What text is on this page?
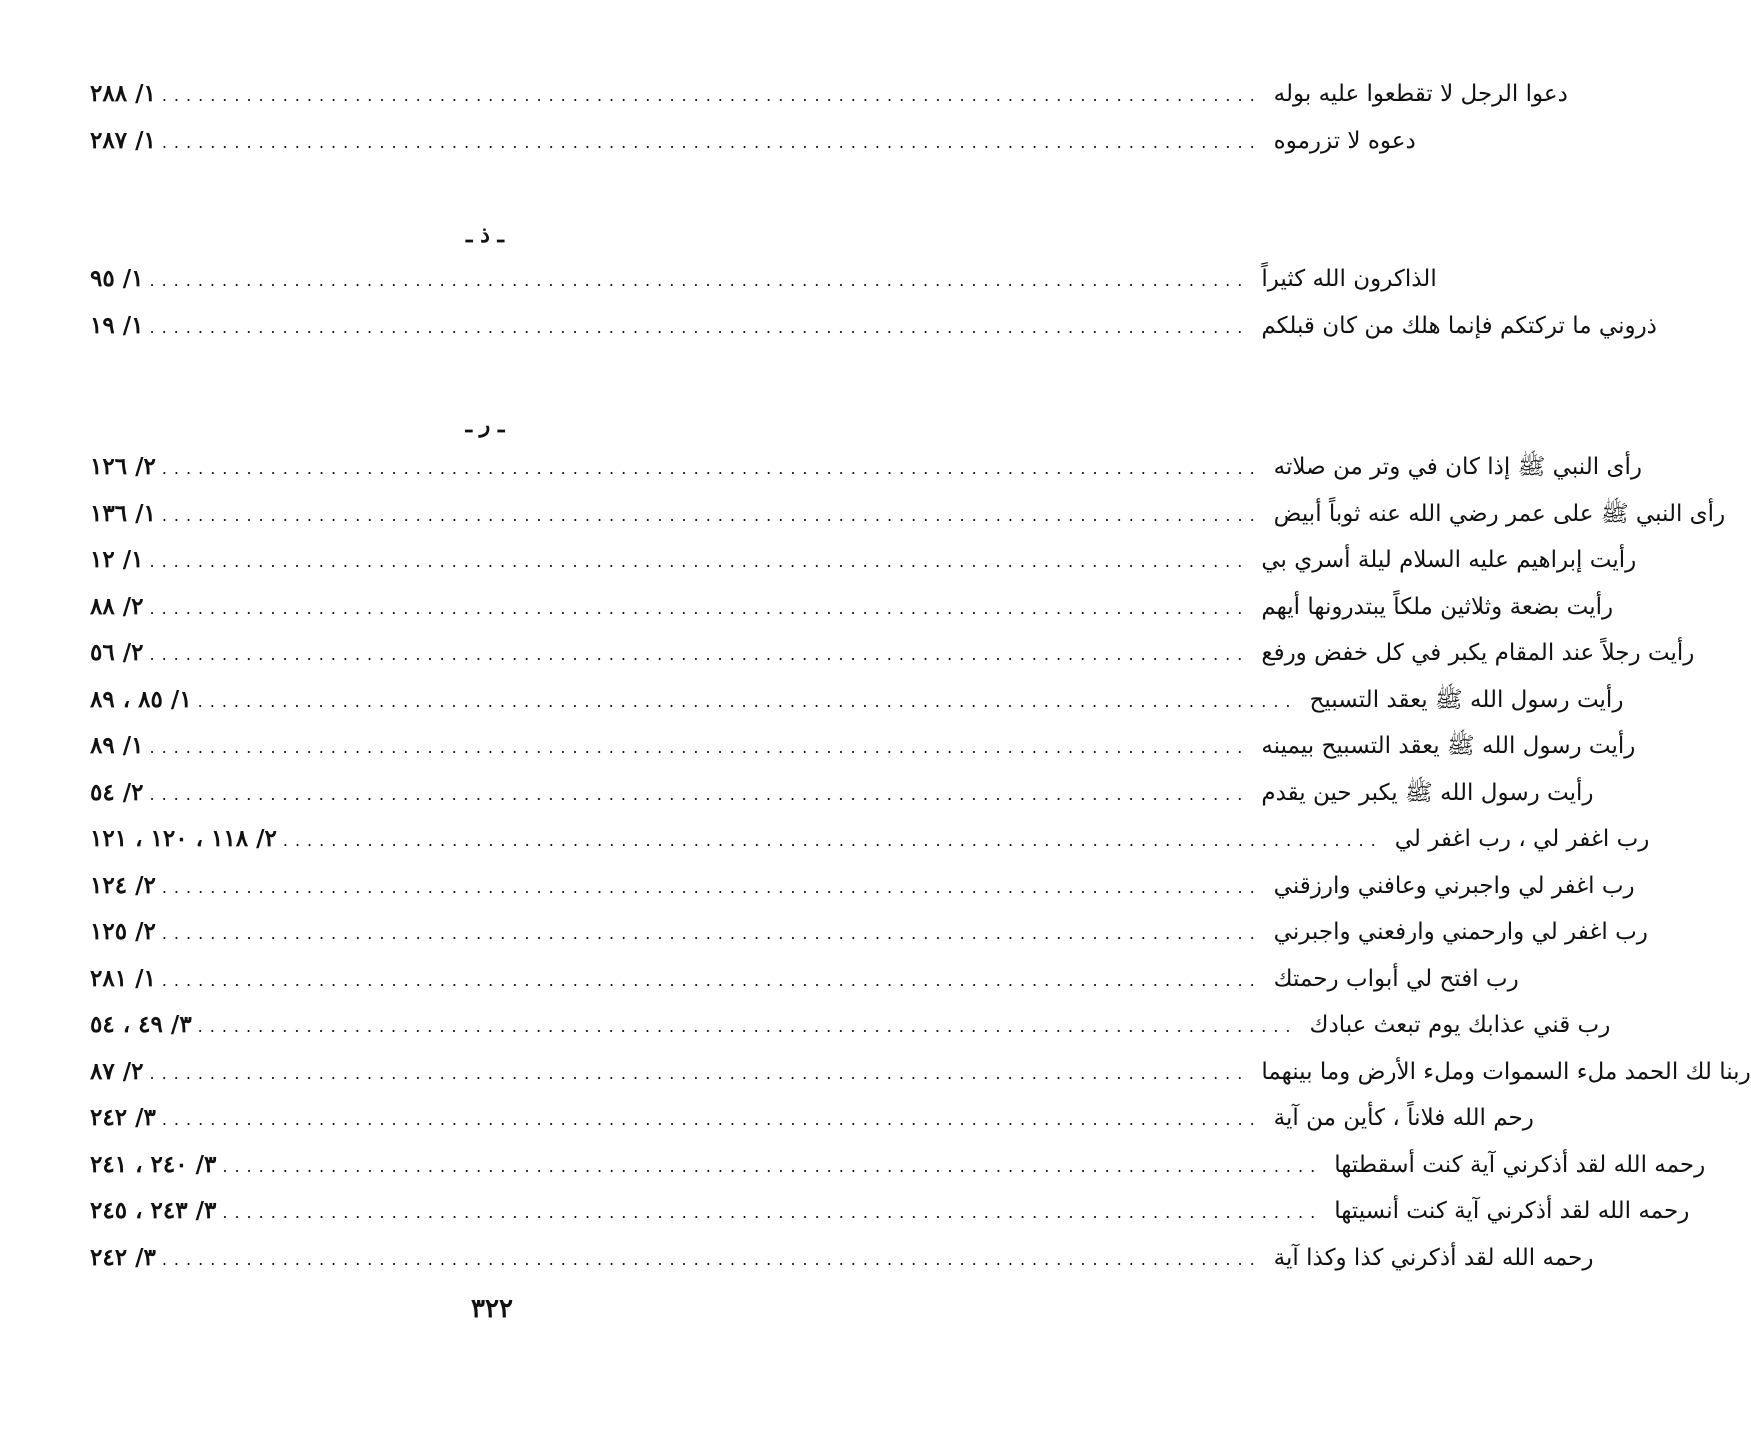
دعوا الرجل لا تقطعوا عليه بوله
...........................................................................................
١/ ٢٨٨
دعوه لا تزرموه
...........................................................................................
١/ ٢٨٧
ـ ذ ـ
الذاكرون الله كثيراً
...........................................................................................
١/ ٩٥
ذروني ما تركتكم فإنما هلك من كان قبلكم
...........................................................................................
١/ ١٩
ـ ر ـ
رأى النبي ﷺ إذا كان في وتر من صلاته
...........................................................................................
٢/ ١٢٦
رأى النبي ﷺ على عمر رضي الله عنه ثوباً أبيض
...........................................................................................
١/ ١٣٦
رأيت إبراهيم عليه السلام ليلة أسري بي
...........................................................................................
١/ ١٢
رأيت بضعة وثلاثين ملكاً يبتدرونها أيهم
...........................................................................................
٢/ ٨٨
رأيت رجلاً عند المقام يكبر في كل خفض ورفع
...........................................................................................
٢/ ٥٦
رأيت رسول الله ﷺ يعقد التسبيح
...........................................................................................
١/ ٨٥ ، ٨٩
رأيت رسول الله ﷺ يعقد التسبيح بيمينه
...........................................................................................
١/ ٨٩
رأيت رسول الله ﷺ يكبر حين يقدم
...........................................................................................
٢/ ٥٤
رب اغفر لي ، رب اغفر لي
...........................................................................................
٢/ ١١٨ ، ١٢٠ ، ١٢١
رب اغفر لي واجبرني وعافني وارزقني
...........................................................................................
٢/ ١٢٤
رب اغفر لي وارحمني وارفعني واجبرني
...........................................................................................
٢/ ١٢٥
رب افتح لي أبواب رحمتك
...........................................................................................
١/ ٢٨١
رب قني عذابك يوم تبعث عبادك
...........................................................................................
٣/ ٤٩ ، ٥٤
ربنا لك الحمد ملء السموات وملء الأرض وما بينهما
...........................................................................................
٢/ ٨٧
رحم الله فلاناً ، كأين من آية
...........................................................................................
٣/ ٢٤٢
رحمه الله لقد أذكرني آية كنت أسقطتها
...........................................................................................
٣/ ٢٤٠ ، ٢٤١
رحمه الله لقد أذكرني آية كنت أنسيتها
...........................................................................................
٣/ ٢٤٣ ، ٢٤٥
رحمه الله لقد أذكرني كذا وكذا آية
...........................................................................................
٣/ ٢٤٢
٣٢٢
